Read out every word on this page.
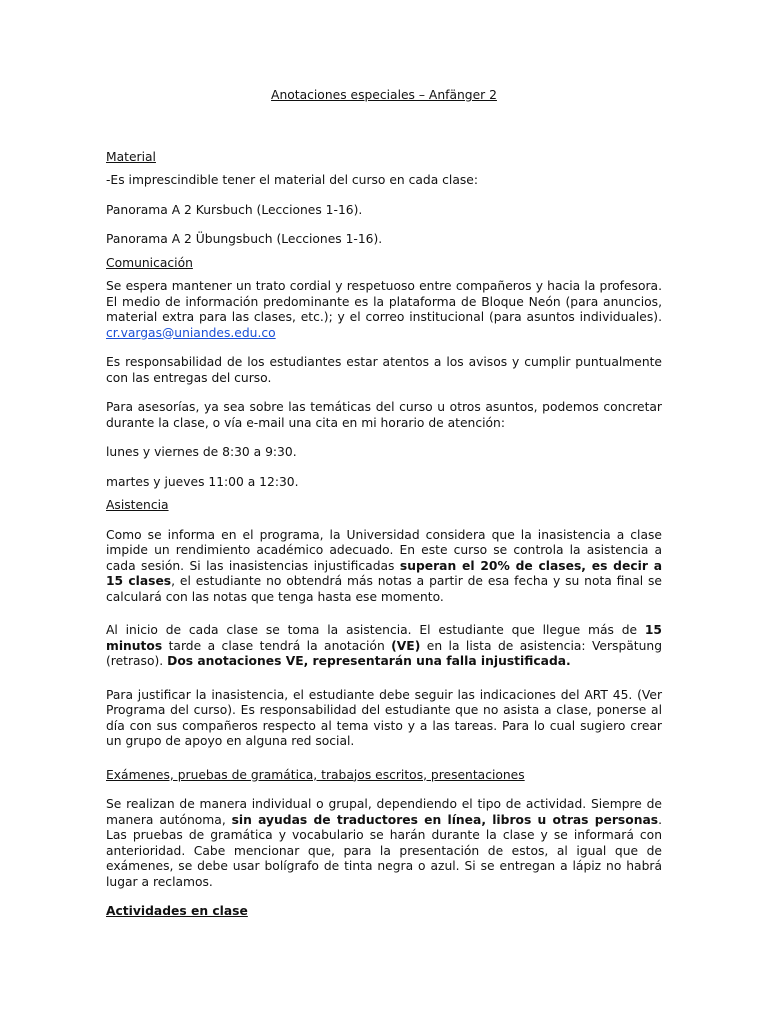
Anotaciones especiales – Anfänger 2
Material

-Es imprescindible tener el material del curso en cada clase:

Panorama A 2 Kursbuch (Lecciones 1-16).

Panorama A 2 Übungsbuch (Lecciones 1-16).

Comunicación

Se espera mantener un trato cordial y respetuoso entre compañeros y hacia la profesora. El medio de información predominante es la plataforma de Bloque Neón (para anuncios, material extra para las clases, etc.); y el correo institucional (para asuntos individuales). cr.vargas@uniandes.edu.co

Es responsabilidad de los estudiantes estar atentos a los avisos y cumplir puntualmente con las entregas del curso.

Para asesorías, ya sea sobre las temáticas del curso u otros asuntos, podemos concretar durante la clase, o vía e-mail una cita en mi horario de atención:

lunes y viernes de 8:30 a 9:30.

martes y jueves 11:00 a 12:30.

Asistencia

Como se informa en el programa, la Universidad considera que la inasistencia a clase impide un rendimiento académico adecuado. En este curso se controla la asistencia a cada sesión. Si las inasistencias injustificadas superan el 20% de clases, es decir a 15 clases, el estudiante no obtendrá más notas a partir de esa fecha y su nota final se calculará con las notas que tenga hasta ese momento.

Al inicio de cada clase se toma la asistencia. El estudiante que llegue más de 15 minutos tarde a clase tendrá la anotación (VE) en la lista de asistencia: Verspätung (retraso). Dos anotaciones VE, representarán una falla injustificada.

Para justificar la inasistencia, el estudiante debe seguir las indicaciones del ART 45. (Ver Programa del curso). Es responsabilidad del estudiante que no asista a clase, ponerse al día con sus compañeros respecto al tema visto y a las tareas. Para lo cual sugiero crear un grupo de apoyo en alguna red social.

Exámenes, pruebas de gramática, trabajos escritos, presentaciones

Se realizan de manera individual o grupal, dependiendo el tipo de actividad. Siempre de manera autónoma, sin ayudas de traductores en línea, libros u otras personas. Las pruebas de gramática y vocabulario se harán durante la clase y se informará con anterioridad. Cabe mencionar que, para la presentación de estos, al igual que de exámenes, se debe usar bolígrafo de tinta negra o azul. Si se entregan a lápiz no habrá lugar a reclamos.

Actividades en clase
